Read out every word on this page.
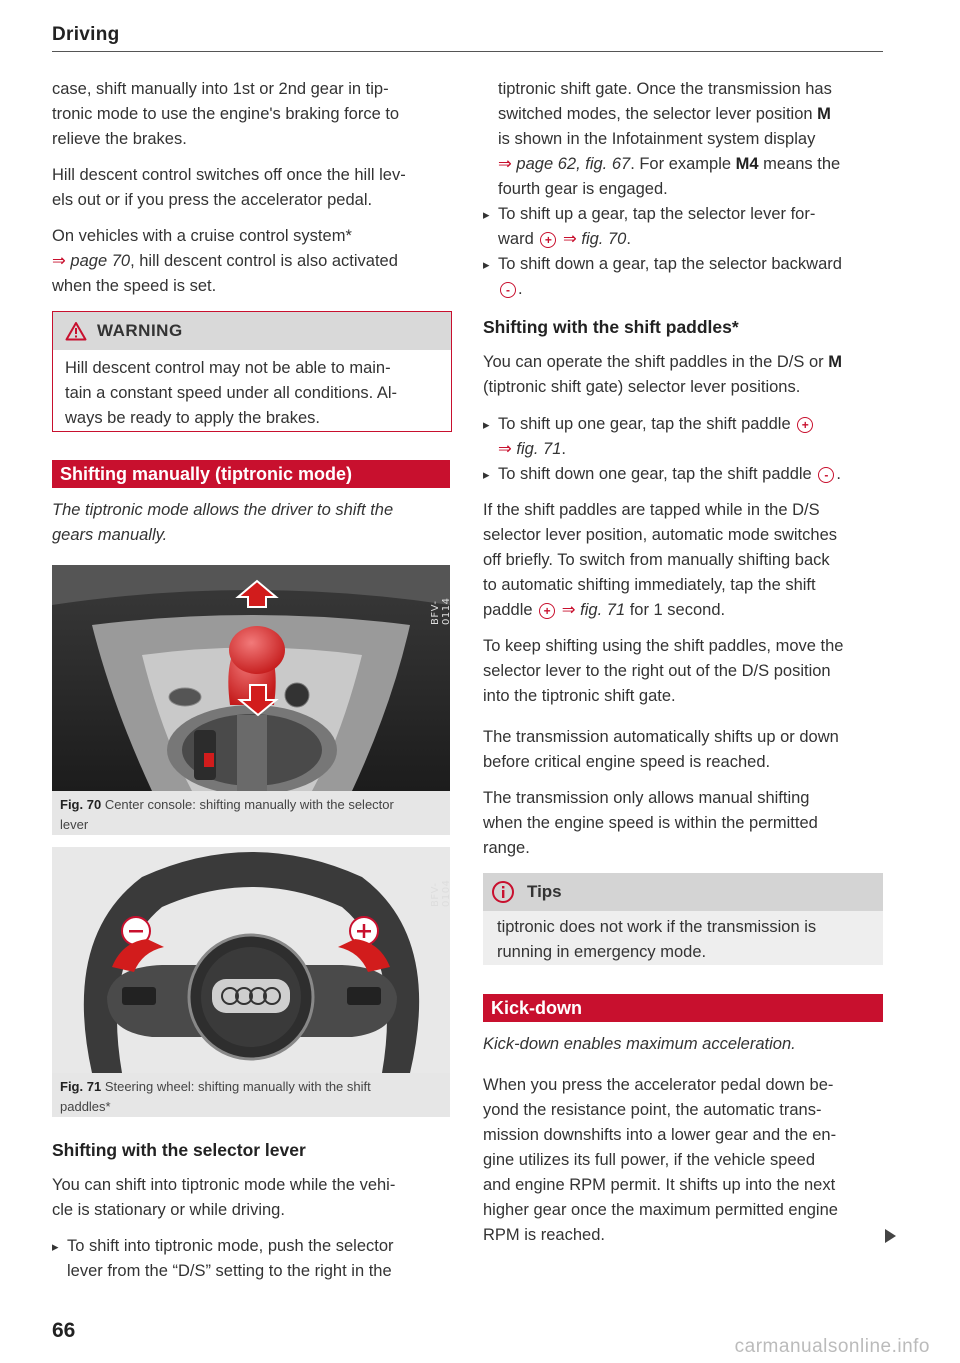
Driving
case, shift manually into 1st or 2nd gear in tip-
tronic mode to use the engine's braking force to
relieve the brakes.
Hill descent control switches off once the hill lev-
els out or if you press the accelerator pedal.
On vehicles with a cruise control system*
⇒ page 70, hill descent control is also activated
when the speed is set.
WARNING
Hill descent control may not be able to main-
tain a constant speed under all conditions. Al-
ways be ready to apply the brakes.
Shifting manually (tiptronic mode)
The tiptronic mode allows the driver to shift the
gears manually.
BFV-0114
Fig. 70 Center console: shifting manually with the selector
lever
BFV-0104
Fig. 71 Steering wheel: shifting manually with the shift
paddles*
Shifting with the selector lever
You can shift into tiptronic mode while the vehi-
cle is stationary or while driving.
▸ To shift into tiptronic mode, push the selector
lever from the “D/S” setting to the right in the
66
tiptronic shift gate. Once the transmission has
switched modes, the selector lever position M
is shown in the Infotainment system display
⇒ page 62, fig. 67. For example M4 means the
fourth gear is engaged.
▸ To shift up a gear, tap the selector lever for-
ward + ⇒ fig. 70.
▸ To shift down a gear, tap the selector backward
- .
Shifting with the shift paddles*
You can operate the shift paddles in the D/S or M
(tiptronic shift gate) selector lever positions.
▸ To shift up one gear, tap the shift paddle +
⇒ fig. 71.
▸ To shift down one gear, tap the shift paddle - .
If the shift paddles are tapped while in the D/S
selector lever position, automatic mode switches
off briefly. To switch from manually shifting back
to automatic shifting immediately, tap the shift
paddle + ⇒ fig. 71 for 1 second.
To keep shifting using the shift paddles, move the
selector lever to the right out of the D/S position
into the tiptronic shift gate.
The transmission automatically shifts up or down
before critical engine speed is reached.
The transmission only allows manual shifting
when the engine speed is within the permitted
range.
Tips
tiptronic does not work if the transmission is
running in emergency mode.
Kick-down
Kick-down enables maximum acceleration.
When you press the accelerator pedal down be-
yond the resistance point, the automatic trans-
mission downshifts into a lower gear and the en-
gine utilizes its full power, if the vehicle speed
and engine RPM permit. It shifts up into the next
higher gear once the maximum permitted engine
RPM is reached.
carmanualsonline.info
